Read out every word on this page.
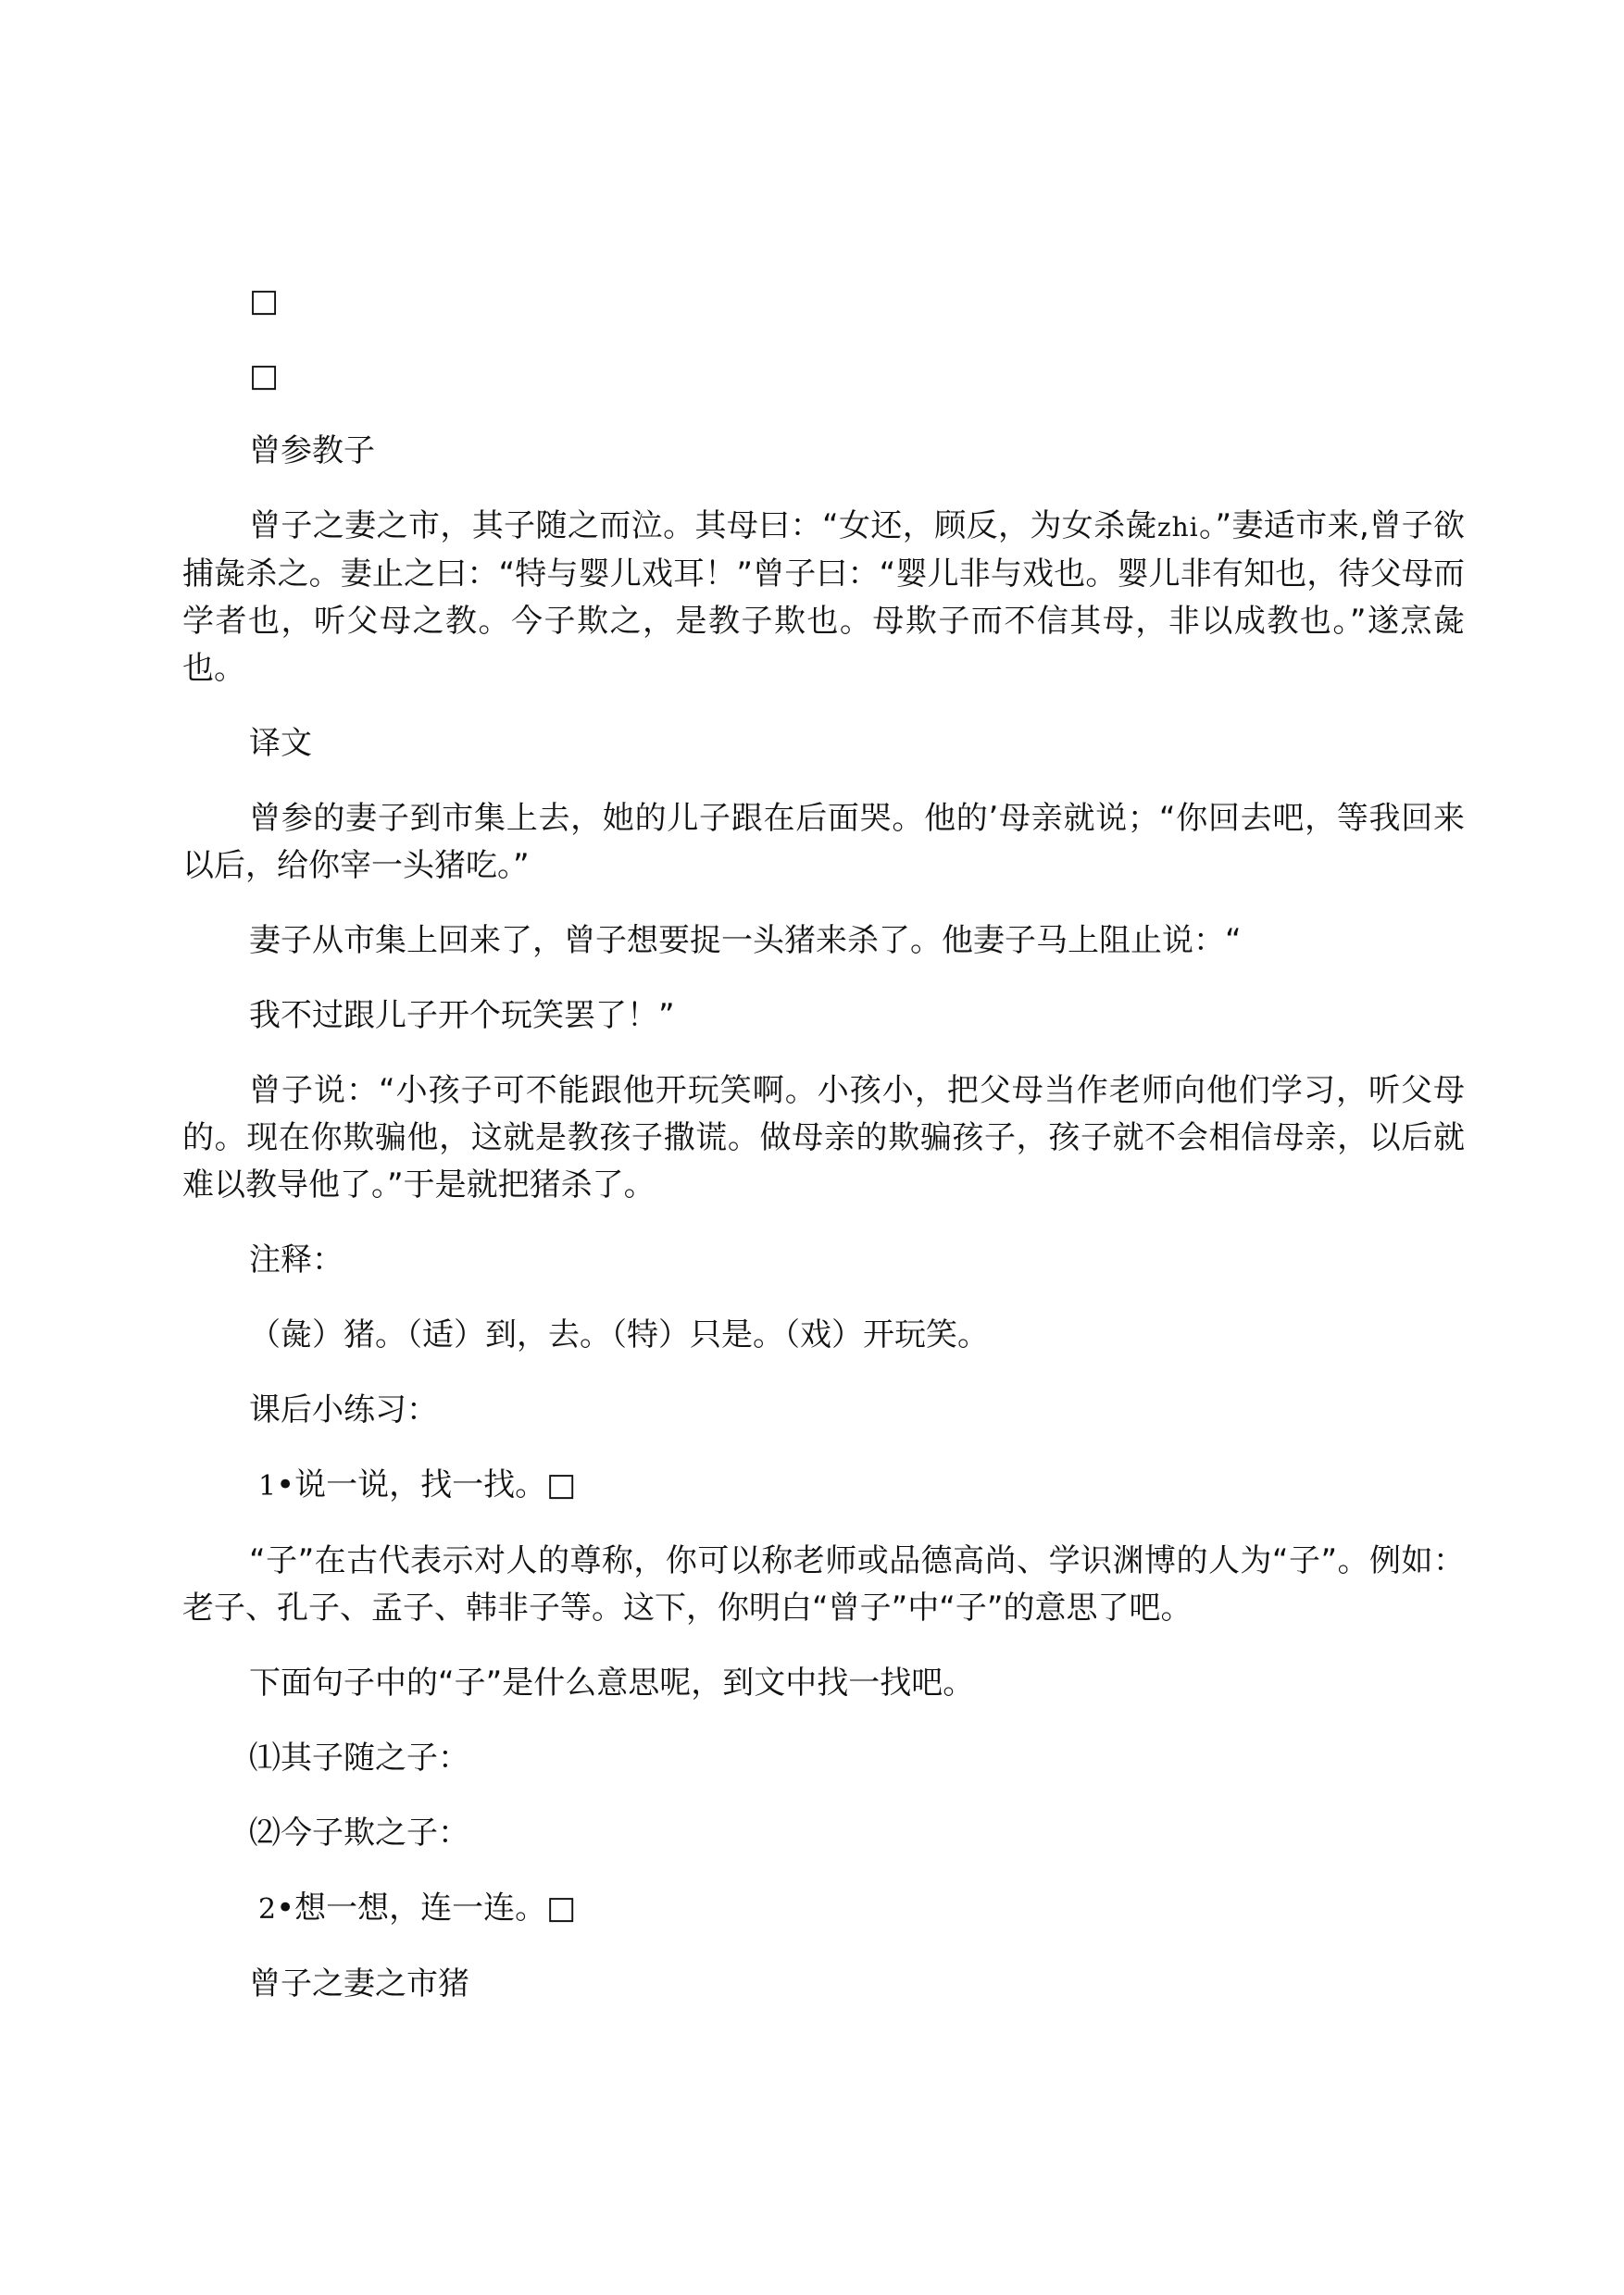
□
□
曾参教子
曾子之妻之市，其子随之而泣。其母曰：“女还，顾反，为女杀彘zhi。”妻适市来,曾子欲捕彘杀之。妻止之曰：“特与婴儿戏耳！”曾子曰：“婴儿非与戏也。婴儿非有知也，待父母而学者也，听父母之教。今子欺之，是教子欺也。母欺子而不信其母，非以成教也。”遂烹彘也。
译文
曾参的妻子到市集上去，她的儿子跟在后面哭。他的’母亲就说；“你回去吧，等我回来以后，给你宰一头猪吃。”
妻子从市集上回来了，曾子想要捉一头猪来杀了。他妻子马上阻止说：“
我不过跟儿子开个玩笑罢了！”
曾子说：“小孩子可不能跟他开玩笑啊。小孩小，把父母当作老师向他们学习，听父母的。现在你欺骗他，这就是教孩子撒谎。做母亲的欺骗孩子，孩子就不会相信母亲，以后就难以教导他了。”于是就把猪杀了。
注释：
（彘）猪。（适）到，去。（特）只是。（戏）开玩笑。
课后小练习：
1•说一说，找一找。□
“子”在古代表示对人的尊称，你可以称老师或品德高尚、学识渊博的人为“子”。例如：老子、孔子、孟子、韩非子等。这下，你明白“曾子”中“子”的意思了吧。
下面句子中的“子”是什么意思呢，到文中找一找吧。
⑴其子随之子：
⑵今子欺之子：
2•想一想，连一连。□
曾子之妻之市猪
